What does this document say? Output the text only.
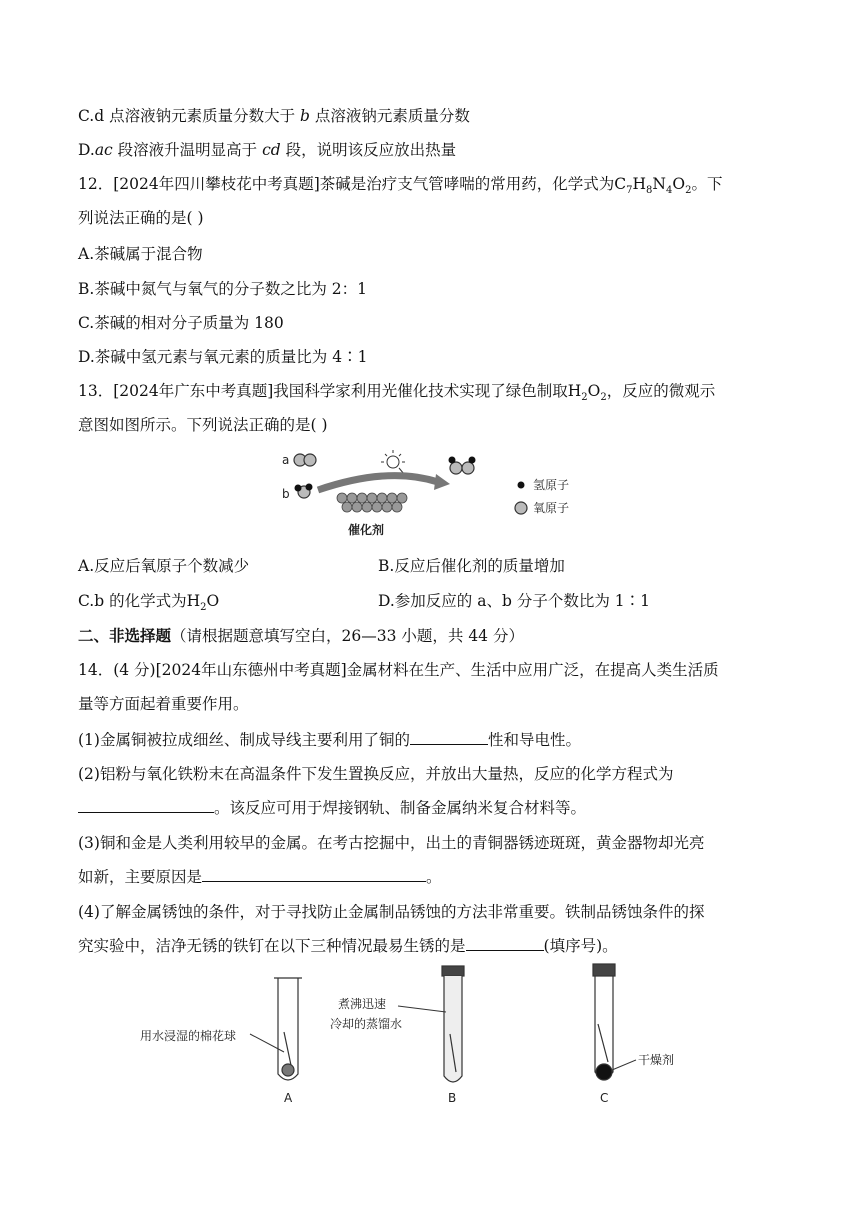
C.d 点溶液钠元素质量分数大于 b 点溶液钠元素质量分数
D.ac 段溶液升温明显高于 cd 段，说明该反应放出热量
12．[2024年四川攀枝花中考真题]茶碱是治疗支气管哮喘的常用药，化学式为$C_7H_8N_4O_2$。下
列说法正确的是( )
A.茶碱属于混合物
B.茶碱中氮气与氧气的分子数之比为 2：1
C.茶碱的相对分子质量为 180
D.茶碱中氢元素与氧元素的质量比为 4∶1
13．[2024年广东中考真题]我国科学家利用光催化技术实现了绿色制取$H_2O_2$，反应的微观示
意图如图所示。下列说法正确的是( )
a
b
催化剂
氢原子
氧原子
A.反应后氧原子个数减少	B.反应后催化剂的质量增加
C.b 的化学式为$H_2O$	D.参加反应的 a、b 分子个数比为 1∶1
二、非选择题（请根据题意填写空白，26—33 小题，共 44 分）
14．(4 分)[2024年山东德州中考真题]金属材料在生产、生活中应用广泛，在提高人类生活质
量等方面起着重要作用。
(1)金属铜被拉成细丝、制成导线主要利用了铜的	性和导电性。
(2)铝粉与氧化铁粉末在高温条件下发生置换反应，并放出大量热，反应的化学方程式为
。该反应可用于焊接钢轨、制备金属纳米复合材料等。
(3)铜和金是人类利用较早的金属。在考古挖掘中，出土的青铜器锈迹斑斑，黄金器物却光亮
如新，主要原因是	。
(4)了解金属锈蚀的条件，对于寻找防止金属制品锈蚀的方法非常重要。铁制品锈蚀条件的探
究实验中，洁净无锈的铁钉在以下三种情况最易生锈的是	(填序号)。
用水浸湿的棉花球
A
煮沸迅速
冷却的蒸馏水
B
干燥剂
C
